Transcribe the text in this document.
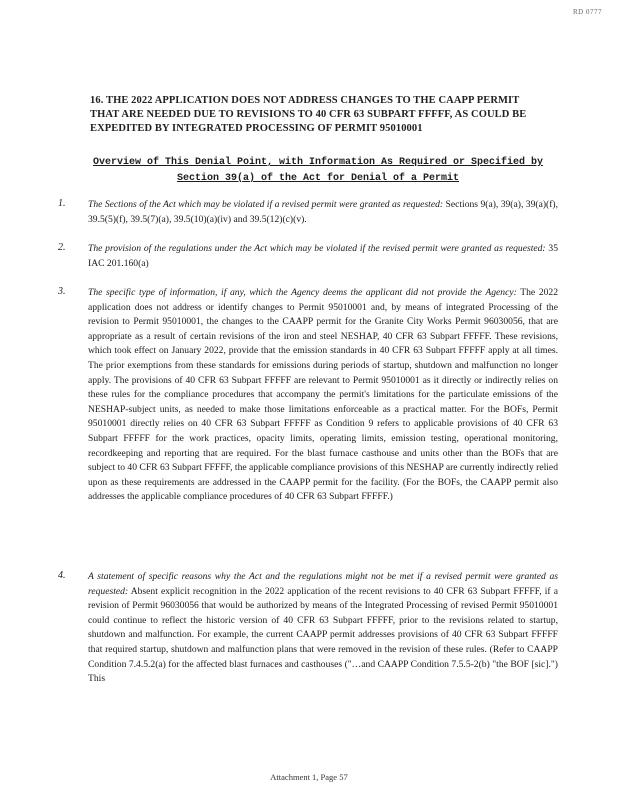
RD 0777
16. THE 2022 APPLICATION DOES NOT ADDRESS CHANGES TO THE CAAPP PERMIT THAT ARE NEEDED DUE TO REVISIONS TO 40 CFR 63 SUBPART FFFFF, AS COULD BE EXPEDITED BY INTEGRATED PROCESSING OF PERMIT 95010001
Overview of This Denial Point, with Information As Required or Specified by Section 39(a) of the Act for Denial of a Permit
1. The Sections of the Act which may be violated if a revised permit were granted as requested: Sections 9(a), 39(a), 39(a)(f), 39.5(5)(f), 39.5(7)(a), 39.5(10)(a)(iv) and 39.5(12)(c)(v).
2. The provision of the regulations under the Act which may be violated if the revised permit were granted as requested: 35 IAC 201.160(a)
3. The specific type of information, if any, which the Agency deems the applicant did not provide the Agency: The 2022 application does not address or identify changes to Permit 95010001 and, by means of integrated Processing of the revision to Permit 95010001, the changes to the CAAPP permit for the Granite City Works Permit 96030056, that are appropriate as a result of certain revisions of the iron and steel NESHAP, 40 CFR 63 Subpart FFFFF. These revisions, which took effect on January 2022, provide that the emission standards in 40 CFR 63 Subpart FFFFF apply at all times. The prior exemptions from these standards for emissions during periods of startup, shutdown and malfunction no longer apply. The provisions of 40 CFR 63 Subpart FFFFF are relevant to Permit 95010001 as it directly or indirectly relies on these rules for the compliance procedures that accompany the permit's limitations for the particulate emissions of the NESHAP-subject units, as needed to make those limitations enforceable as a practical matter. For the BOFs, Permit 95010001 directly relies on 40 CFR 63 Subpart FFFFF as Condition 9 refers to applicable provisions of 40 CFR 63 Subpart FFFFF for the work practices, opacity limits, operating limits, emission testing, operational monitoring, recordkeeping and reporting that are required. For the blast furnace casthouse and units other than the BOFs that are subject to 40 CFR 63 Subpart FFFFF, the applicable compliance provisions of this NESHAP are currently indirectly relied upon as these requirements are addressed in the CAAPP permit for the facility. (For the BOFs, the CAAPP permit also addresses the applicable compliance procedures of 40 CFR 63 Subpart FFFFF.)
4. A statement of specific reasons why the Act and the regulations might not be met if a revised permit were granted as requested: Absent explicit recognition in the 2022 application of the recent revisions to 40 CFR 63 Subpart FFFFF, if a revision of Permit 96030056 that would be authorized by means of the Integrated Processing of revised Permit 95010001 could continue to reflect the historic version of 40 CFR 63 Subpart FFFFF, prior to the revisions related to startup, shutdown and malfunction. For example, the current CAAPP permit addresses provisions of 40 CFR 63 Subpart FFFFF that required startup, shutdown and malfunction plans that were removed in the revision of these rules. (Refer to CAAPP Condition 7.4.5.2(a) for the affected blast furnaces and casthouses ("…and CAAPP Condition 7.5.5-2(b) "the BOF [sic].") This
Attachment 1, Page 57
